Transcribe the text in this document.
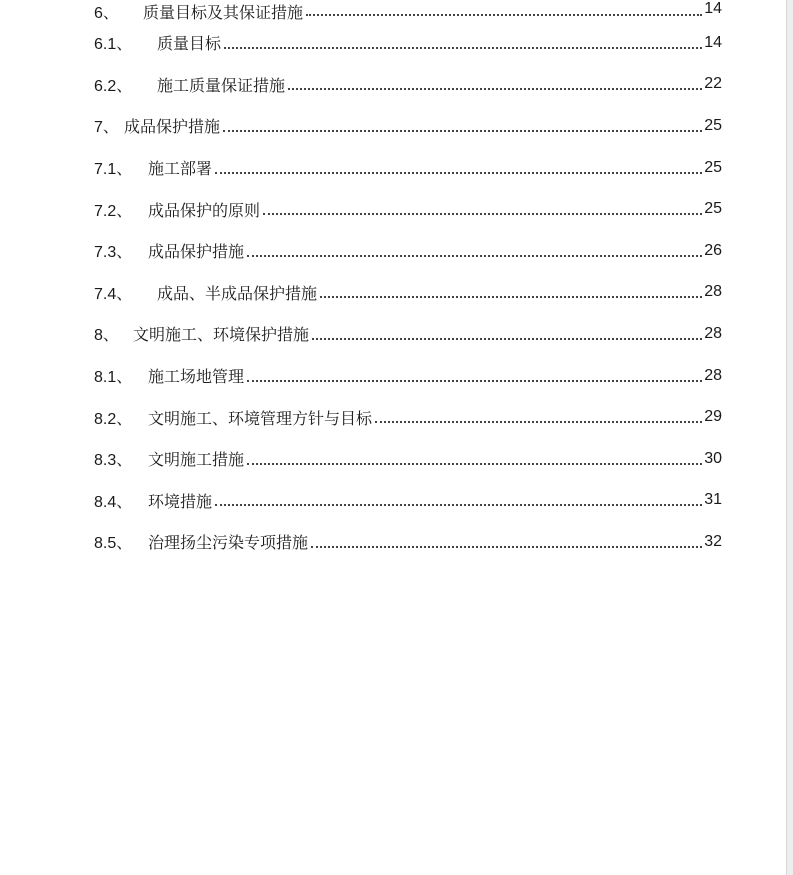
6、	质量目标及其保证措施	14
6.1、	质量目标	14
6.2、	施工质量保证措施	22
7、 成品保护措施	25
7.1、 施工部署	25
7.2、 成品保护的原则	25
7.3、 成品保护措施	26
7.4、	成品、半成品保护措施	28
8、 文明施工、环境保护措施	28
8.1、 施工场地管理	28
8.2、 文明施工、环境管理方针与目标	29
8.3、 文明施工措施	30
8.4、 环境措施	31
8.5、 治理扬尘污染专项措施	32
